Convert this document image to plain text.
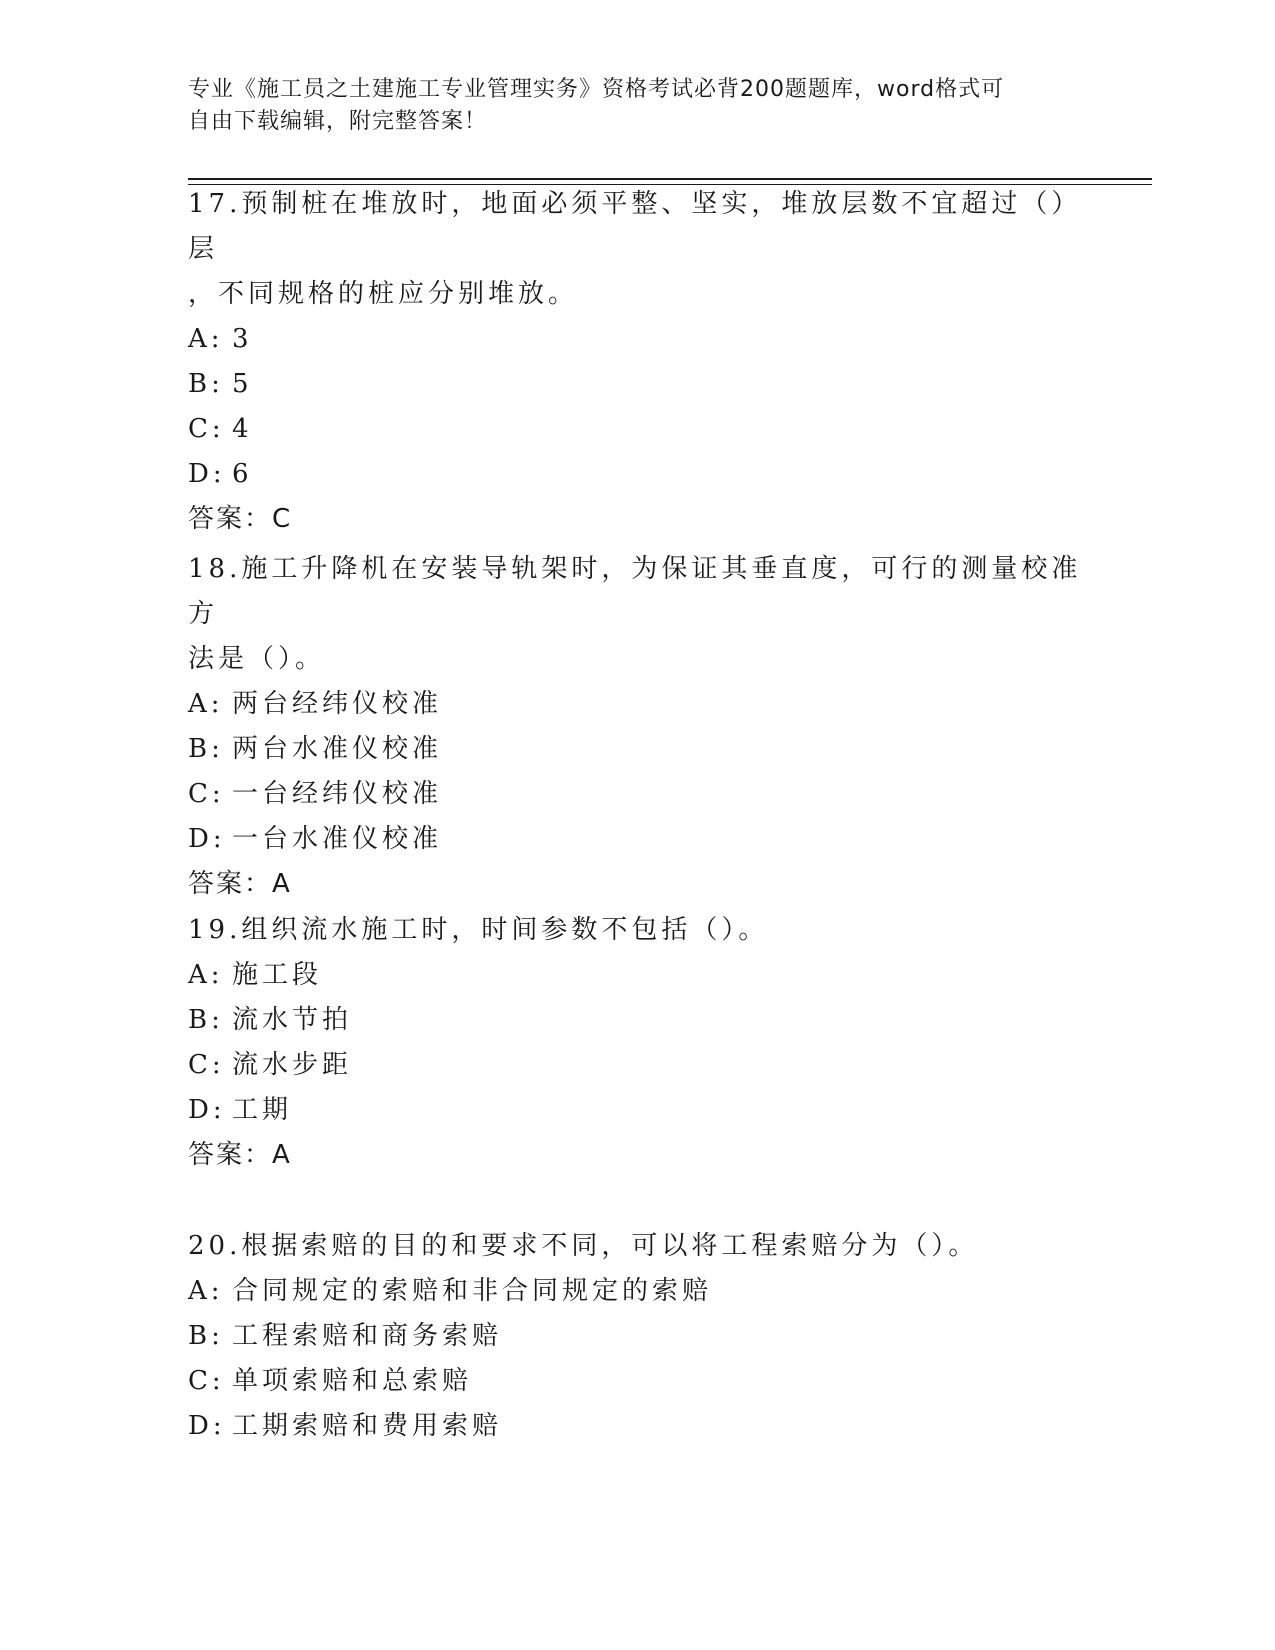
专业《施工员之土建施工专业管理实务》资格考试必背200题题库，word格式可
自由下载编辑，附完整答案！

17.预制桩在堆放时，地面必须平整、坚实，堆放层数不宜超过（）层

，不同规格的桩应分别堆放。

A: 3
B: 5
C: 4
D: 6

答案：C

18.施工升降机在安装导轨架时，为保证其垂直度，可行的测量校准方

法是（）。

A: 两台经纬仪校准
B: 两台水准仪校准
C: 一台经纬仪校准
D: 一台水准仪校准

答案：A

19.组织流水施工时，时间参数不包括（）。

A: 施工段
B: 流水节拍
C: 流水步距
D: 工期

答案：A

20.根据索赔的目的和要求不同，可以将工程索赔分为（）。

A: 合同规定的索赔和非合同规定的索赔
B: 工程索赔和商务索赔
C: 单项索赔和总索赔
D: 工期索赔和费用索赔
